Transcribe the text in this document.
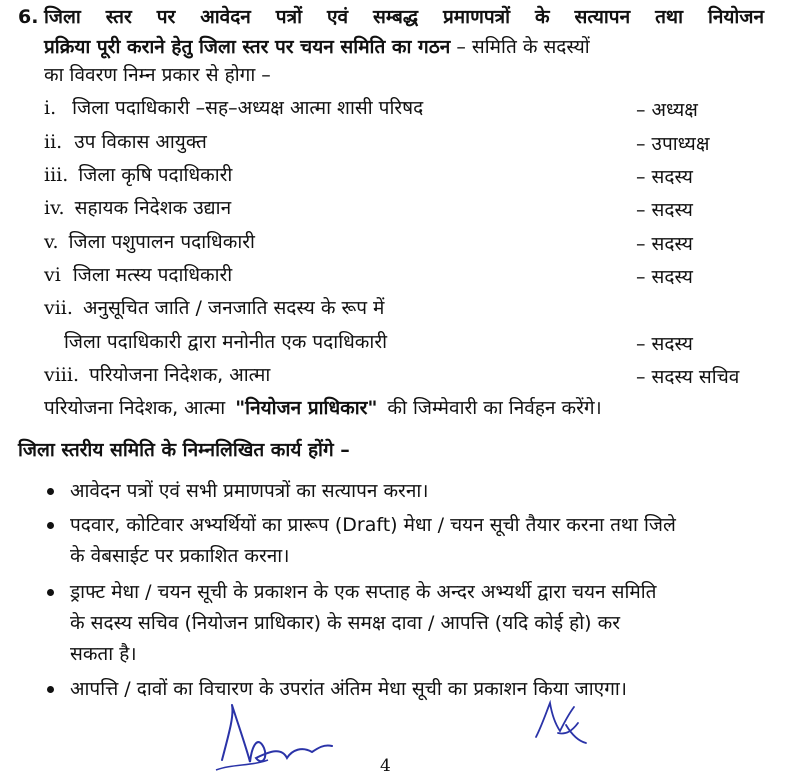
6. जिला स्तर पर आवेदन पत्रों एवं सम्बद्ध प्रमाणपत्रों के सत्यापन तथा नियोजन
प्रक्रिया पूरी कराने हेतु जिला स्तर पर चयन समिति का गठन – समिति के सदस्यों
का विवरण निम्न प्रकार से होगा –
i. जिला पदाधिकारी –सह–अध्यक्ष आत्मा शासी परिषद	– अध्यक्ष
ii. उप विकास आयुक्त	– उपाध्यक्ष
iii. जिला कृषि पदाधिकारी	– सदस्य
iv. सहायक निदेशक उद्यान	– सदस्य
v. जिला पशुपालन पदाधिकारी	– सदस्य
vi जिला मत्स्य पदाधिकारी	– सदस्य
vii. अनुसूचित जाति / जनजाति सदस्य के रूप में
जिला पदाधिकारी द्वारा मनोनीत एक पदाधिकारी	– सदस्य
viii. परियोजना निदेशक, आत्मा	– सदस्य सचिव
परियोजना निदेशक, आत्मा "नियोजन प्राधिकार" की जिम्मेवारी का निर्वहन करेंगे।
जिला स्तरीय समिति के निम्नलिखित कार्य होंगे –
आवेदन पत्रों एवं सभी प्रमाणपत्रों का सत्यापन करना।
पदवार, कोटिवार अभ्यर्थियों का प्रारूप (Draft) मेधा / चयन सूची तैयार करना तथा जिले
के वेबसाईट पर प्रकाशित करना।
ड्राफ्ट मेधा / चयन सूची के प्रकाशन के एक सप्ताह के अन्दर अभ्यर्थी द्वारा चयन समिति
के सदस्य सचिव (नियोजन प्राधिकार) के समक्ष दावा / आपत्ति (यदि कोई हो) कर
सकता है।
आपत्ति / दावों का विचारण के उपरांत अंतिम मेधा सूची का प्रकाशन किया जाएगा।
4
